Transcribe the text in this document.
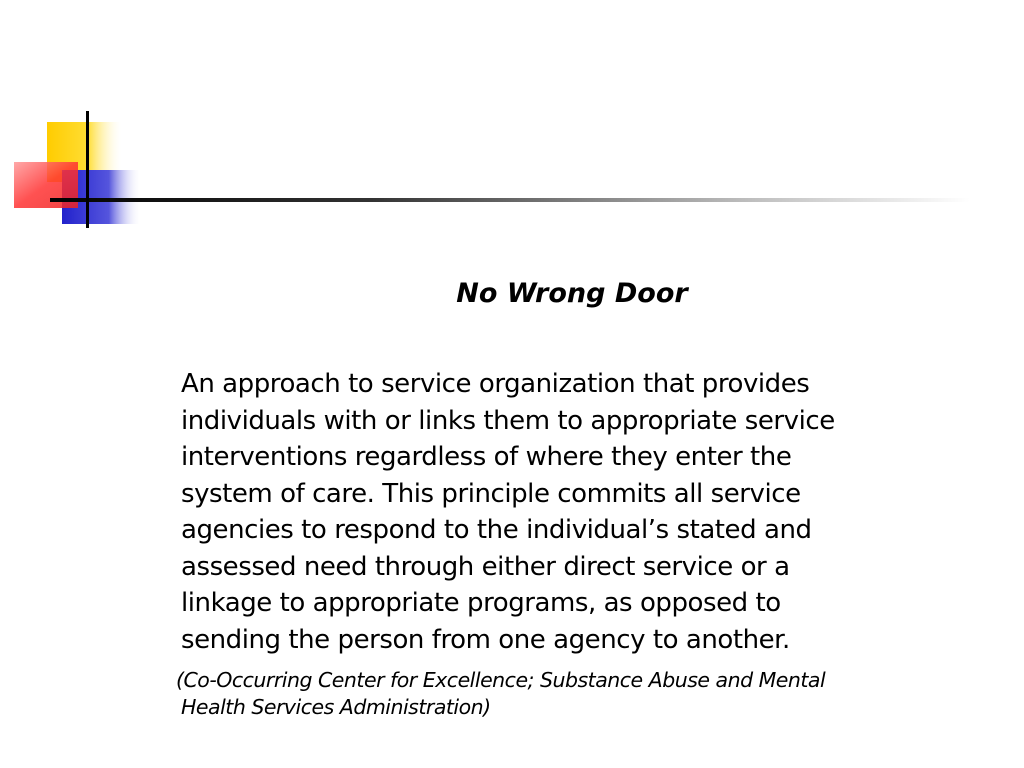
No Wrong Door
An approach to service organization that provides
individuals with or links them to appropriate service
interventions regardless of where they enter the
system of care. This principle commits all service
agencies to respond to the individual’s stated and
assessed need through either direct service or a
linkage to appropriate programs, as opposed to
sending the person from one agency to another.
(Co-Occurring Center for Excellence; Substance Abuse and Mental
Health Services Administration)
